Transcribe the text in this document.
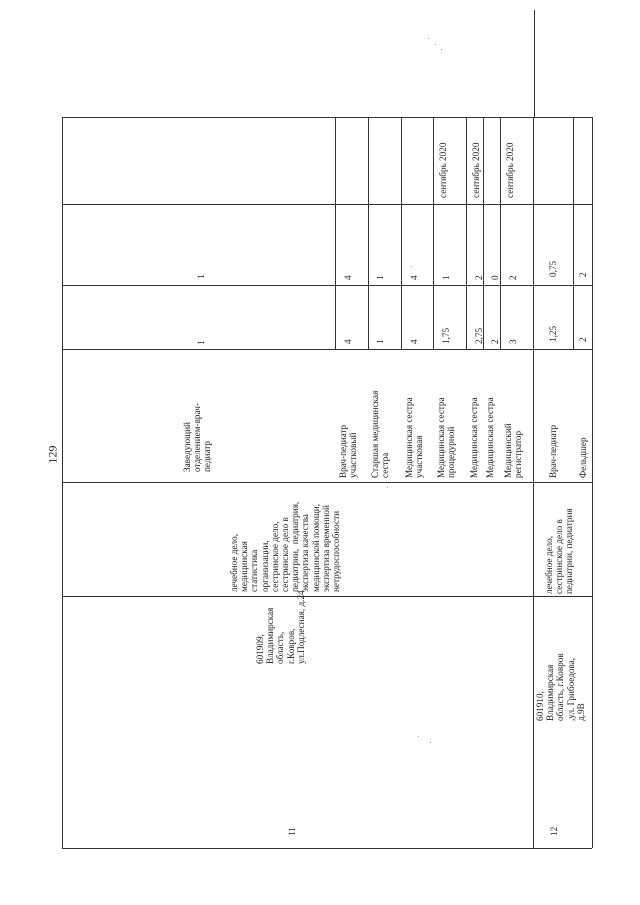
129
11
601909,
Владимирская
область,
г.Ковров,
ул.Подлесная, д.24
лечебное дело,
медицинская
статистика
организации,
сестринское дело,
сестринское дело в
педиатрии,  педиатрия,
экспертиза качества
медицинской помощи,
экспертиза временной
нетрудоспособности
Заведующий
отделением-врач-
педиатр
1
1
Врач-педиатр
участковый
4
4
Старшая медицинская
сестра
1
1
Медицинская сестра
участковая
4
4
Медицинская сестра
процедурной
1,75
1
сентябрь 2020
Медицинская сестра
2,75
2
сентябрь 2020
Медицинская сестра
2
0
Медицинский
регистратор
3
2
сентябрь 2020
12
601910,
Владимирская
область, г.Ковров
,ул. Грибоедова,
д.9В
лечебное дело,
сестринское дело в
педиатрии, педиатрия
Врач-педиатр
1,25
0,75
Фельдшер
2
2
